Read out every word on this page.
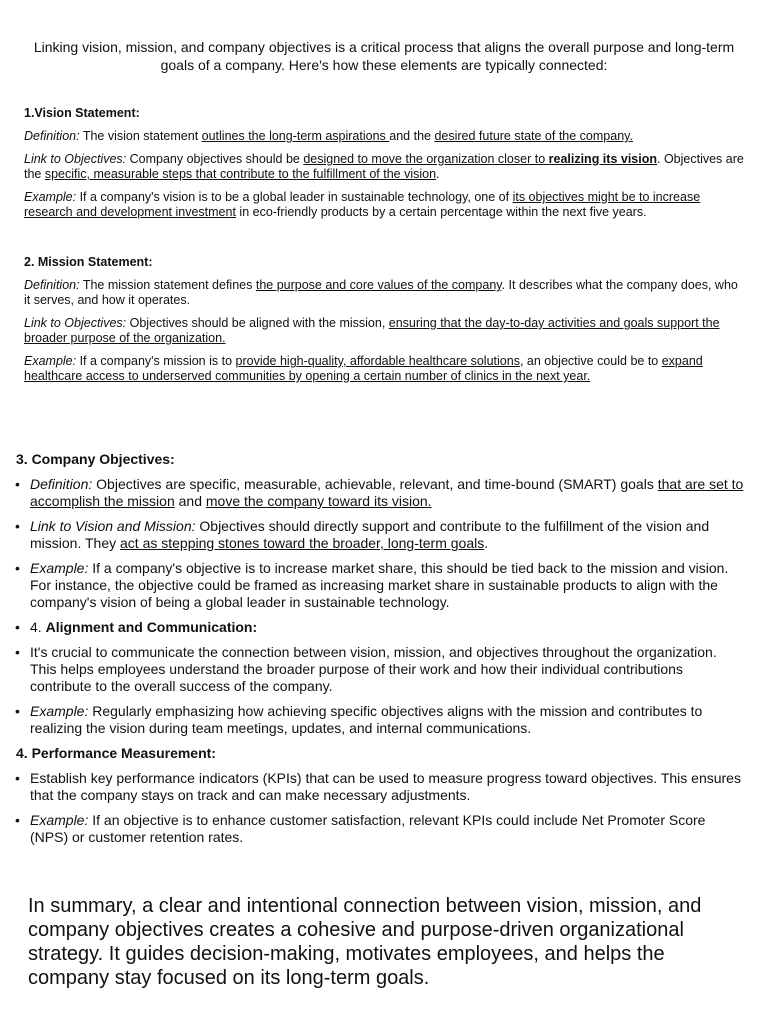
Linking vision, mission, and company objectives is a critical process that aligns the overall purpose and long-term goals of a company. Here's how these elements are typically connected:
1.Vision Statement:

Definition: The vision statement outlines the long-term aspirations and the desired future state of the company.

Link to Objectives: Company objectives should be designed to move the organization closer to realizing its vision. Objectives are the specific, measurable steps that contribute to the fulfillment of the vision.

Example: If a company's vision is to be a global leader in sustainable technology, one of its objectives might be to increase research and development investment in eco-friendly products by a certain percentage within the next five years.

2. Mission Statement:

Definition: The mission statement defines the purpose and core values of the company. It describes what the company does, who it serves, and how it operates.

Link to Objectives: Objectives should be aligned with the mission, ensuring that the day-to-day activities and goals support the broader purpose of the organization.

Example: If a company's mission is to provide high-quality, affordable healthcare solutions, an objective could be to expand healthcare access to underserved communities by opening a certain number of clinics in the next year.

3. Company Objectives:
• Definition: Objectives are specific, measurable, achievable, relevant, and time-bound (SMART) goals that are set to accomplish the mission and move the company toward its vision.
• Link to Vision and Mission: Objectives should directly support and contribute to the fulfillment of the vision and mission. They act as stepping stones toward the broader, long-term goals.
• Example: If a company's objective is to increase market share, this should be tied back to the mission and vision. For instance, the objective could be framed as increasing market share in sustainable products to align with the company's vision of being a global leader in sustainable technology.
• 4. Alignment and Communication:
• It's crucial to communicate the connection between vision, mission, and objectives throughout the organization. This helps employees understand the broader purpose of their work and how their individual contributions contribute to the overall success of the company.
• Example: Regularly emphasizing how achieving specific objectives aligns with the mission and contributes to realizing the vision during team meetings, updates, and internal communications.
4. Performance Measurement:
• Establish key performance indicators (KPIs) that can be used to measure progress toward objectives. This ensures that the company stays on track and can make necessary adjustments.
• Example: If an objective is to enhance customer satisfaction, relevant KPIs could include Net Promoter Score (NPS) or customer retention rates.
In summary, a clear and intentional connection between vision, mission, and company objectives creates a cohesive and purpose-driven organizational strategy. It guides decision-making, motivates employees, and helps the company stay focused on its long-term goals.
